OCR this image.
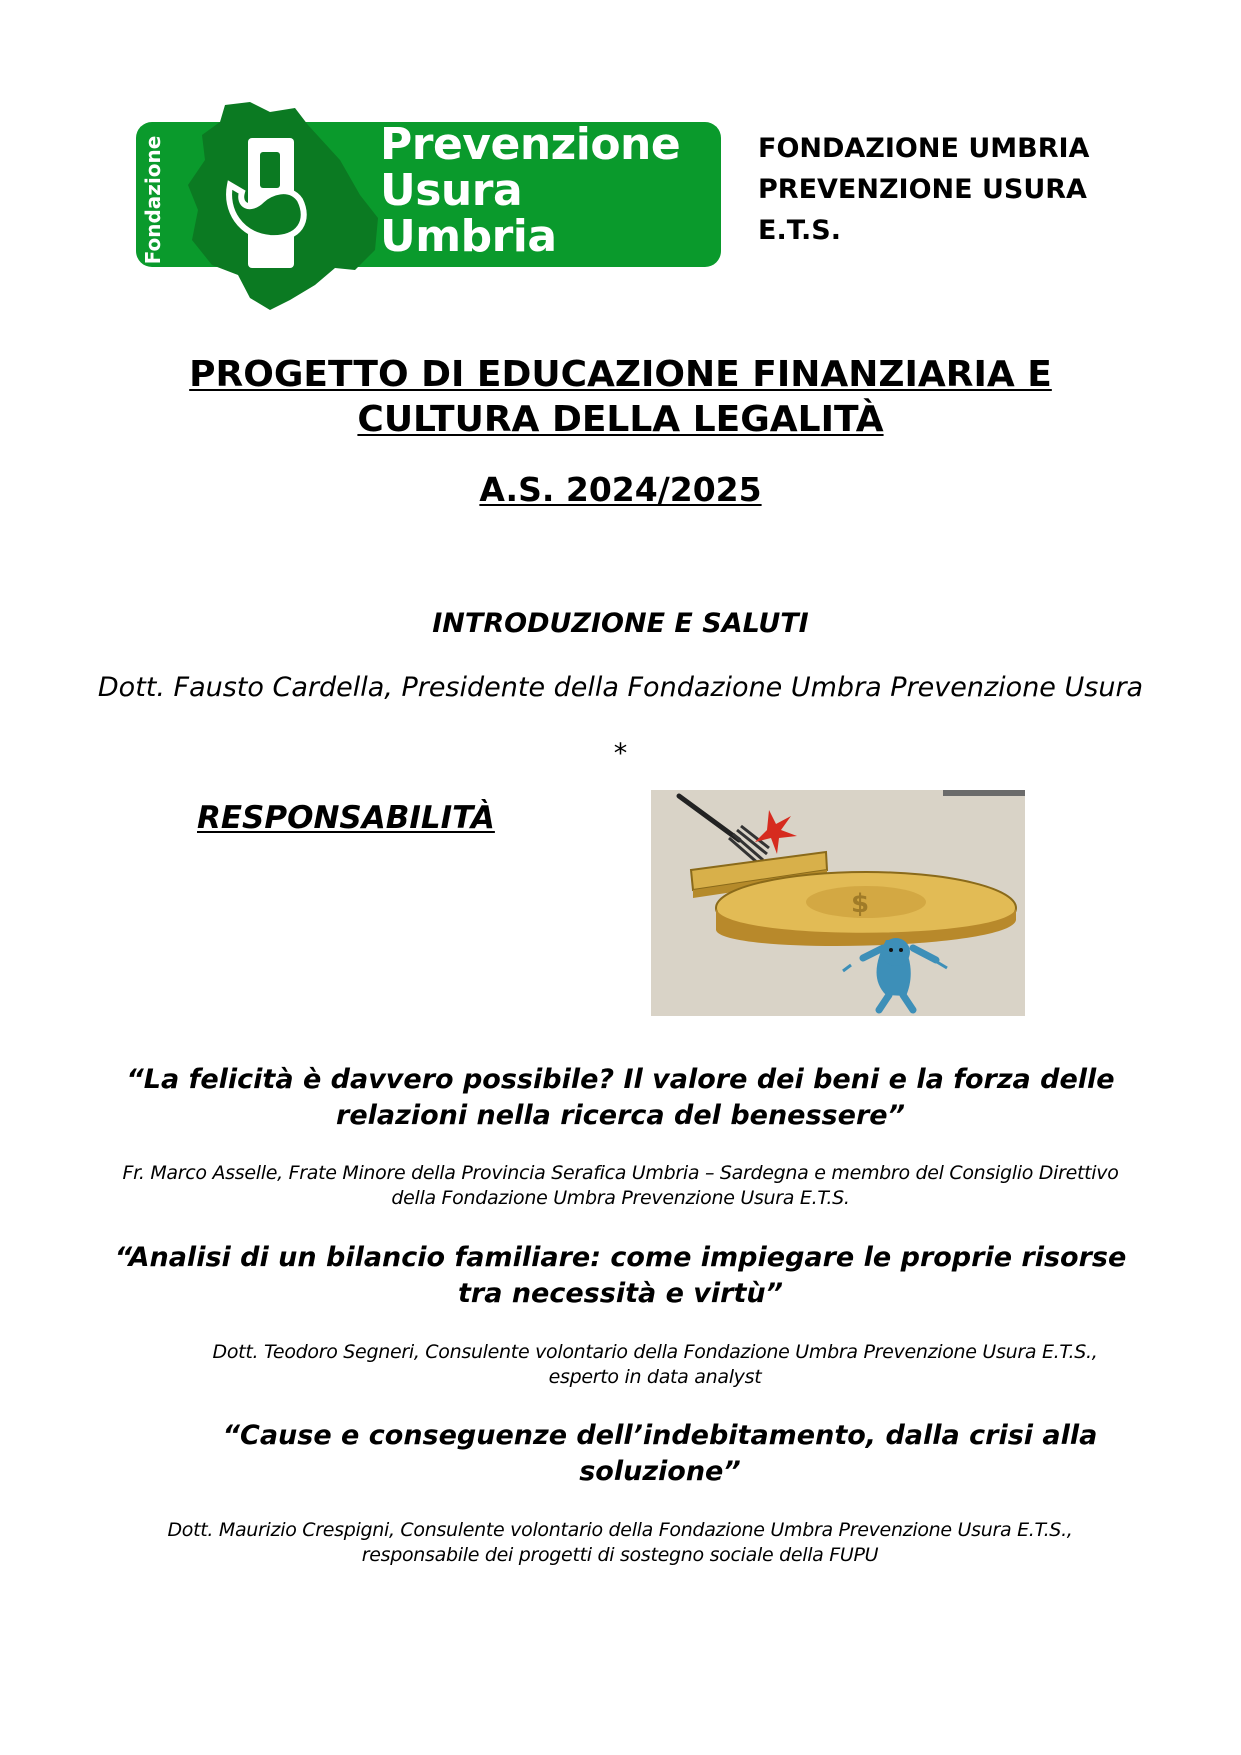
Fondazione	Prevenzione
Usura
Umbria
FONDAZIONE UMBRIA
PREVENZIONE USURA
E.T.S.
PROGETTO DI EDUCAZIONE FINANZIARIA E
CULTURA DELLA LEGALITÀ
A.S. 2024/2025
INTRODUZIONE E SALUTI
Dott. Fausto Cardella, Presidente della Fondazione Umbra Prevenzione Usura
*
RESPONSABILITÀ
$
“La felicità è davvero possibile? Il valore dei beni e la forza delle
relazioni nella ricerca del benessere”
Fr. Marco Asselle, Frate Minore della Provincia Serafica Umbria – Sardegna e membro del Consiglio Direttivo
della Fondazione Umbra Prevenzione Usura E.T.S.
“Analisi di un bilancio familiare: come impiegare le proprie risorse
tra necessità e virtù”
Dott. Teodoro Segneri, Consulente volontario della Fondazione Umbra Prevenzione Usura E.T.S.,
esperto in data analyst
“Cause e conseguenze dell’indebitamento, dalla crisi alla
soluzione”
Dott. Maurizio Crespigni, Consulente volontario della Fondazione Umbra Prevenzione Usura E.T.S.,
responsabile dei progetti di sostegno sociale della FUPU
